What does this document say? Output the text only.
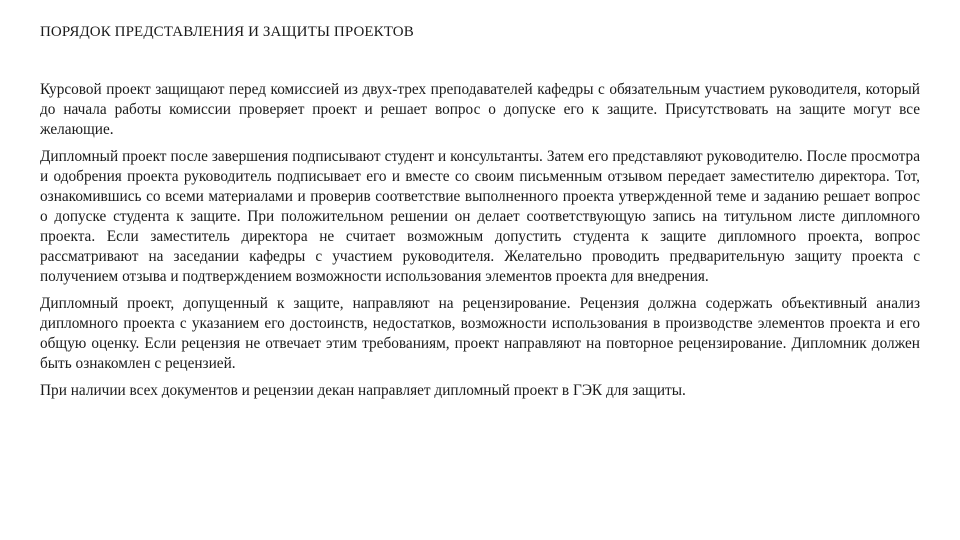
ПОРЯДОК ПРЕДСТАВЛЕНИЯ И ЗАЩИТЫ ПРОЕКТОВ

Курсовой проект защищают перед комиссией из двух-трех преподавателей кафедры с обязательным участием руководителя, который до начала работы комиссии проверяет проект и решает вопрос о допуске его к защите. Присутствовать на защите могут все желающие.

Дипломный проект после завершения подписывают студент и консультанты. Затем его представляют руководителю. После просмотра и одобрения проекта руководитель подписывает его и вместе со своим письменным отзывом передает заместителю директора. Тот, ознакомившись со всеми материалами и проверив соответствие выполненного проекта утвержденной теме и заданию решает вопрос о допуске студента к защите. При положительном решении он делает соответствующую запись на титульном листе дипломного проекта. Если заместитель директора не считает возможным допустить студента к защите дипломного проекта, вопрос рассматривают на заседании кафедры с участием руководителя. Желательно проводить предварительную защиту проекта с получением отзыва и подтверждением возможности использования элементов проекта для внедрения.

Дипломный проект, допущенный к защите, направляют на рецензирование. Рецензия должна содержать объективный анализ дипломного проекта с указанием его достоинств, недостатков, возможности использования в производстве элементов проекта и его общую оценку. Если рецензия не отвечает этим требованиям, проект направляют на повторное рецензирование. Дипломник должен быть ознакомлен с рецензией.

При наличии всех документов и рецензии декан направляет дипломный проект в ГЭК для защиты.
